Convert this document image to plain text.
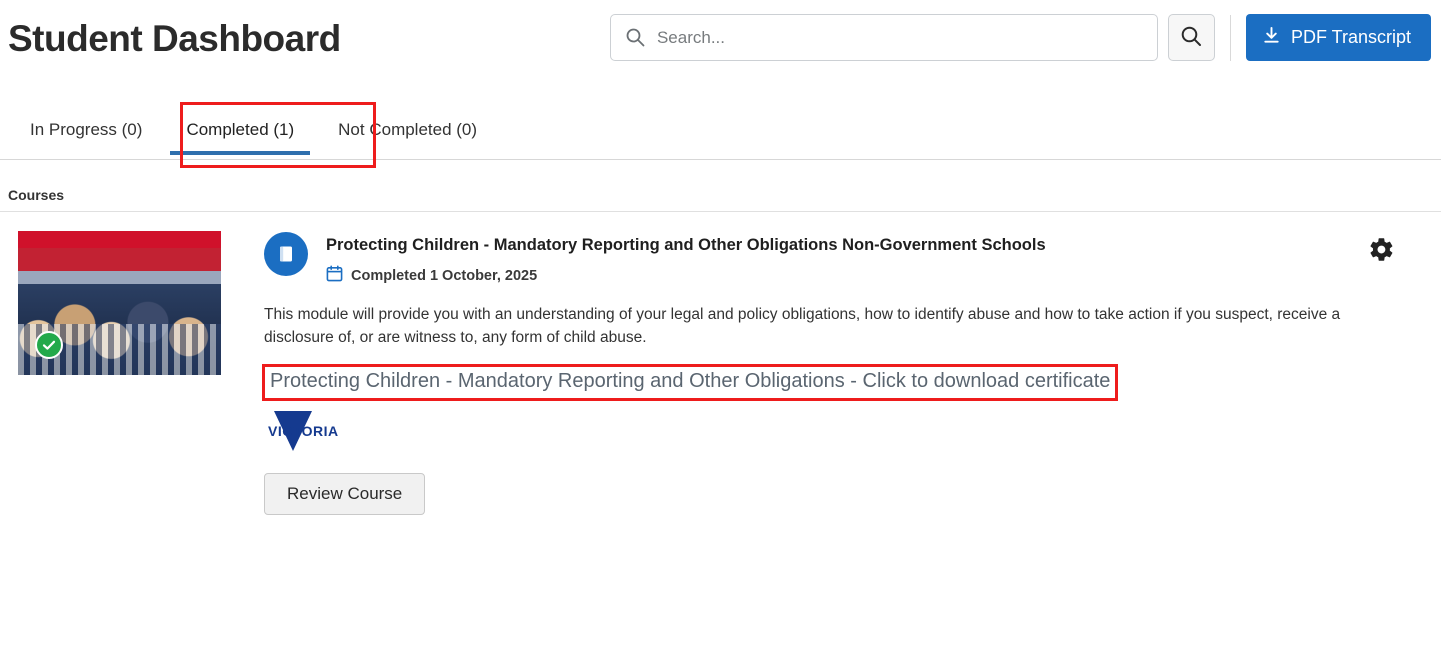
Student Dashboard
Search...	PDF Transcript
In Progress (0)	Completed (1)	Not Completed (0)
Courses
Protecting Children - Mandatory Reporting and Other Obligations Non-Government Schools
Completed 1 October, 2025
This module will provide you with an understanding of your legal and policy obligations, how to identify abuse and how to take action if you suspect, receive a disclosure of, or are witness to, any form of child abuse.
Protecting Children - Mandatory Reporting and Other Obligations - Click to download certificate
VICTORIA
Review Course
